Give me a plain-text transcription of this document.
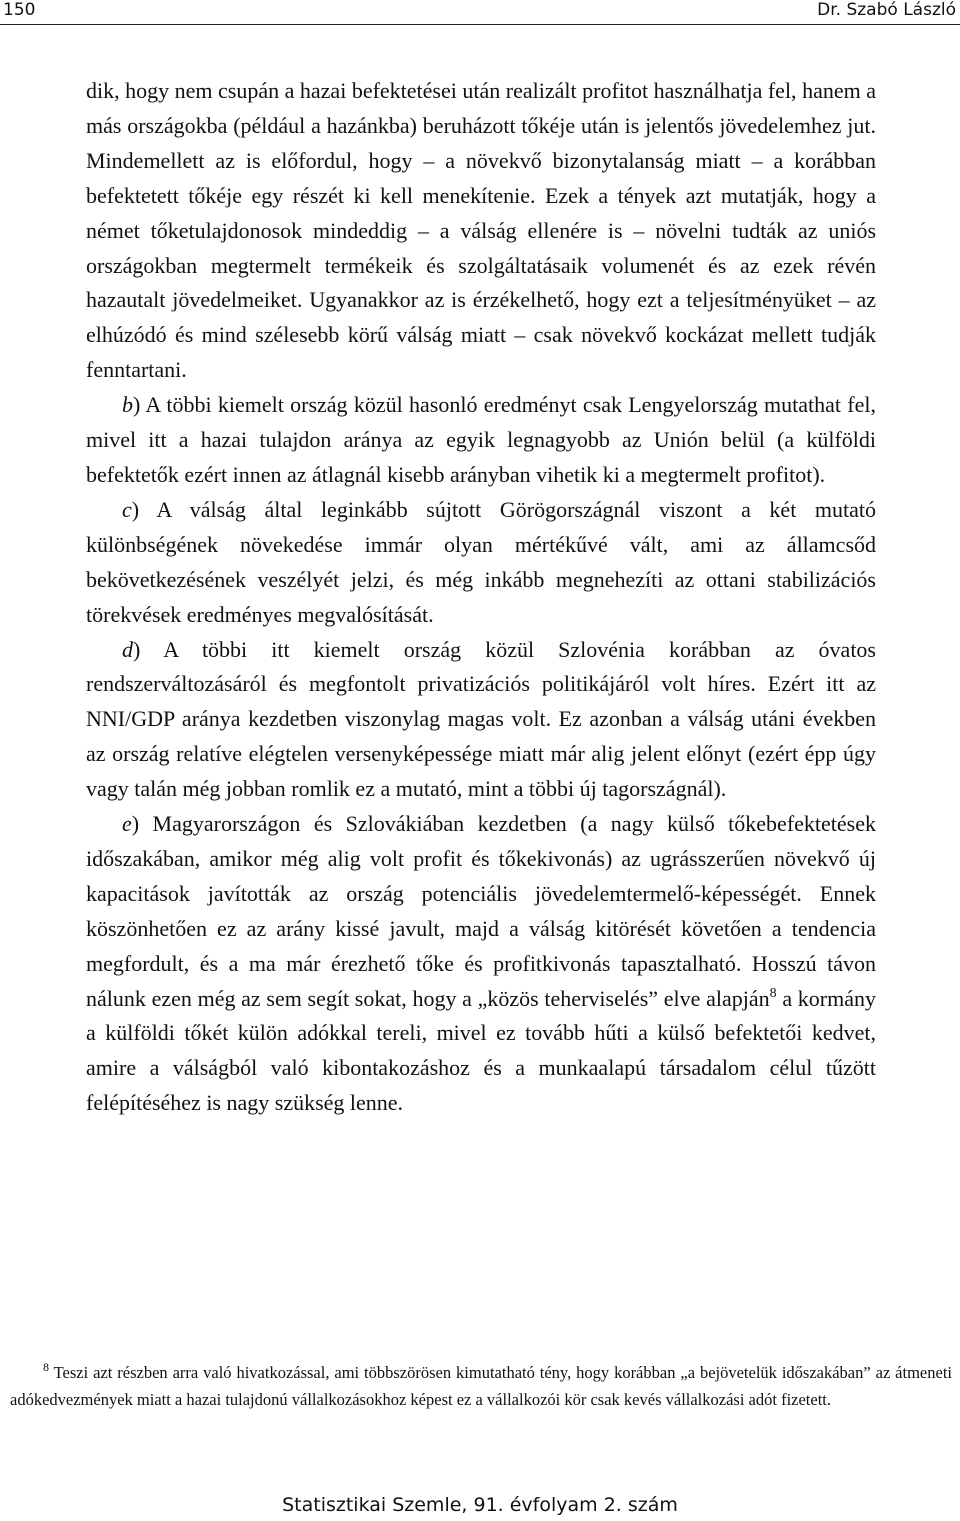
150	Dr. Szabó László

dik, hogy nem csupán a hazai befektetései után realizált profitot használhatja fel, hanem a más országokba (például a hazánkba) beruházott tőkéje után is jelentős jövedelemhez jut. Mindemellett az is előfordul, hogy – a növekvő bizonytalanság miatt – a korábban befektetett tőkéje egy részét ki kell menekítenie. Ezek a tények azt mutatják, hogy a német tőketulajdonosok mindeddig – a válság ellenére is – növelni tudták az uniós országokban megtermelt termékeik és szolgáltatásaik volumenét és az ezek révén hazautalt jövedelmeiket. Ugyanakkor az is érzékelhető, hogy ezt a teljesítményüket – az elhúzódó és mind szélesebb körű válság miatt – csak növekvő kockázat mellett tudják fenntartani.

b) A többi kiemelt ország közül hasonló eredményt csak Lengyelország mutathat fel, mivel itt a hazai tulajdon aránya az egyik legnagyobb az Unión belül (a külföldi befektetők ezért innen az átlagnál kisebb arányban vihetik ki a megtermelt profitot).

c) A válság által leginkább sújtott Görögországnál viszont a két mutató különbségének növekedése immár olyan mértékűvé vált, ami az államcsőd bekövetkezésének veszélyét jelzi, és még inkább megnehezíti az ottani stabilizációs törekvések eredményes megvalósítását.

d) A többi itt kiemelt ország közül Szlovénia korábban az óvatos rendszerváltozásáról és megfontolt privatizációs politikájáról volt híres. Ezért itt az NNI/GDP aránya kezdetben viszonylag magas volt. Ez azonban a válság utáni években az ország relatíve elégtelen versenyképessége miatt már alig jelent előnyt (ezért épp úgy vagy talán még jobban romlik ez a mutató, mint a többi új tagországnál).

e) Magyarországon és Szlovákiában kezdetben (a nagy külső tőkebefektetések időszakában, amikor még alig volt profit és tőkekivonás) az ugrásszerűen növekvő új kapacitások javították az ország potenciális jövedelemtermelő-képességét. Ennek köszönhetően ez az arány kissé javult, majd a válság kitörését követően a tendencia megfordult, és a ma már érezhető tőke és profitkivonás tapasztalható. Hosszú távon nálunk ezen még az sem segít sokat, hogy a „közös teherviselés” elve alapján$^8$ a kormány a külföldi tőkét külön adókkal tereli, mivel ez tovább hűti a külső befektetői kedvet, amire a válságból való kibontakozáshoz és a munkaalapú társadalom célul tűzött felépítéséhez is nagy szükség lenne.

$^8$ Teszi azt részben arra való hivatkozással, ami többszörösen kimutatható tény, hogy korábban „a bejövetelük időszakában” az átmeneti adókedvezmények miatt a hazai tulajdonú vállalkozásokhoz képest ez a vállalkozói kör csak kevés vállalkozási adót fizetett.

Statisztikai Szemle, 91. évfolyam 2. szám
